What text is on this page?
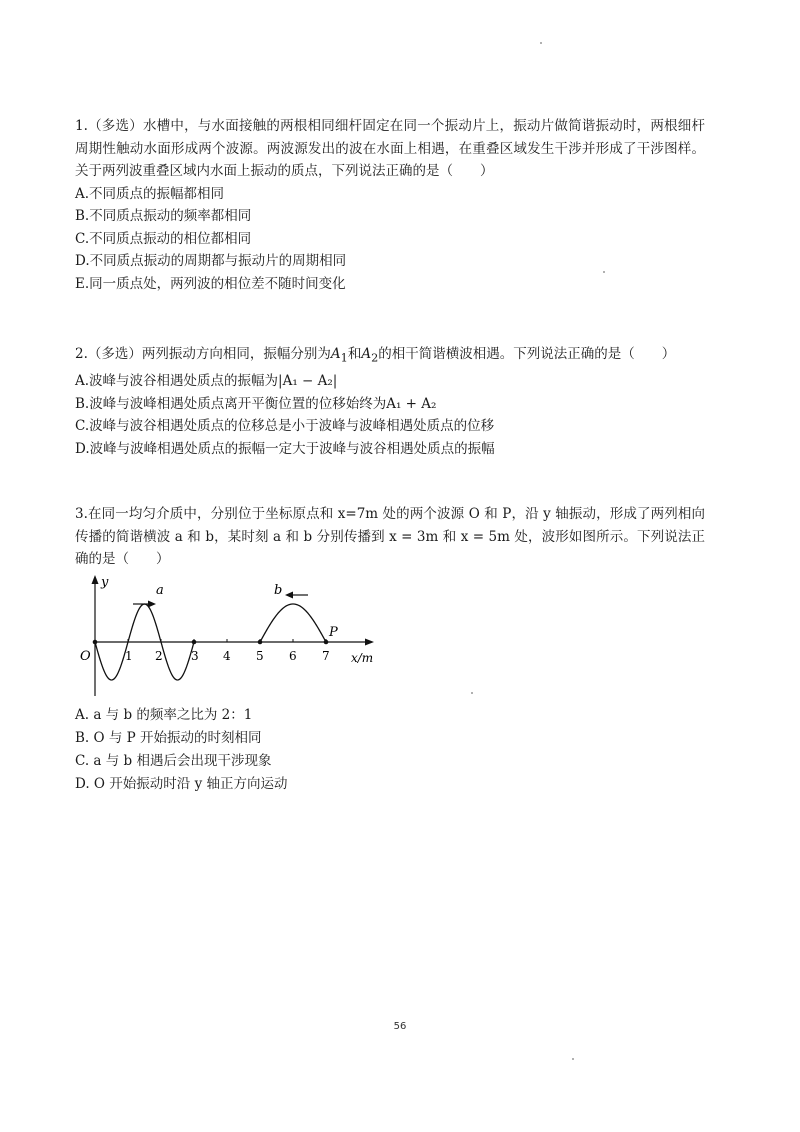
1.（多选）水槽中，与水面接触的两根相同细杆固定在同一个振动片上，振动片做简谐振动时，两根细杆周期性触动水面形成两个波源。两波源发出的波在水面上相遇，在重叠区域发生干涉并形成了干涉图样。关于两列波重叠区域内水面上振动的质点，下列说法正确的是（　　）

A.不同质点的振幅都相同

B.不同质点振动的频率都相同

C.不同质点振动的相位都相同

D.不同质点振动的周期都与振动片的周期相同

E.同一质点处，两列波的相位差不随时间变化

2.（多选）两列振动方向相同，振幅分别为$A_1$和$A_2$的相干简谐横波相遇。下列说法正确的是（　　）

A.波峰与波谷相遇处质点的振幅为|A₁ − A₂|

B.波峰与波峰相遇处质点离开平衡位置的位移始终为A₁ + A₂

C.波峰与波谷相遇处质点的位移总是小于波峰与波峰相遇处质点的位移

D.波峰与波峰相遇处质点的振幅一定大于波峰与波谷相遇处质点的振幅

3.在同一均匀介质中，分别位于坐标原点和 x=7m 处的两个波源 O 和 P，沿 y 轴振动，形成了两列相向传播的简谐横波 a 和 b，某时刻 a 和 b 分别传播到 x = 3m 和 x = 5m 处，波形如图所示。下列说法正确的是（　　）

y
x/m
O	1 2 3 4 5 6 7
P
a	b

A. a 与 b 的频率之比为 2：1

B. O 与 P 开始振动的时刻相同

C. a 与 b 相遇后会出现干涉现象

D. O 开始振动时沿 y 轴正方向运动

56
